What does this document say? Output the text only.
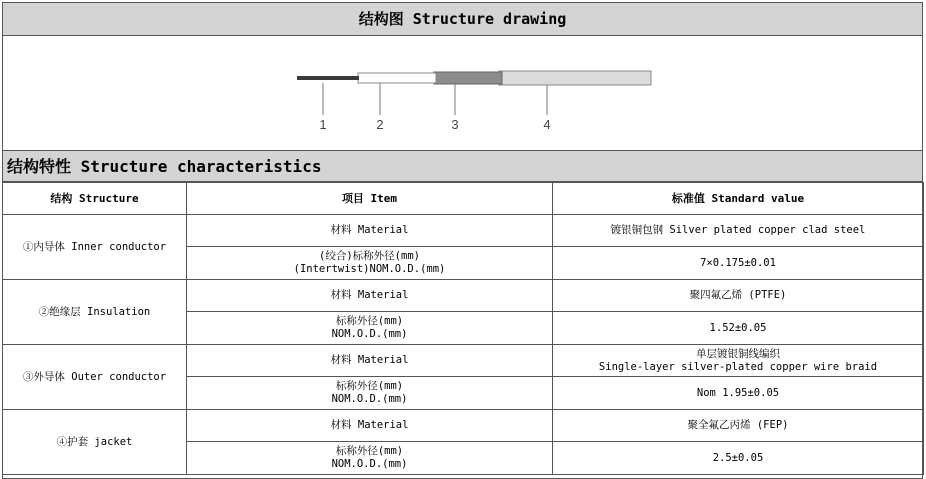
结构图 Structure drawing
1	2	3	4
结构特性 Structure characteristics
结构 Structure	项目 Item	标准值 Standard value
①内导体 Inner conductor	材料 Material	镀银铜包钢 Silver plated copper clad steel

	(绞合)标称外径(mm)
(Intertwist)NOM.O.D.(mm)	7×0.175±0.01

②绝缘层 Insulation	材料 Material	聚四氟乙烯 (PTFE)

	标称外径(mm)
NOM.O.D.(mm)	1.52±0.05

③外导体 Outer conductor	材料 Material	单层镀银铜线编织
Single-layer silver-plated copper wire braid

	标称外径(mm)
NOM.O.D.(mm)	Nom 1.95±0.05

④护套 jacket	材料 Material	聚全氟乙丙烯 (FEP)

	标称外径(mm)
NOM.O.D.(mm)	2.5±0.05
